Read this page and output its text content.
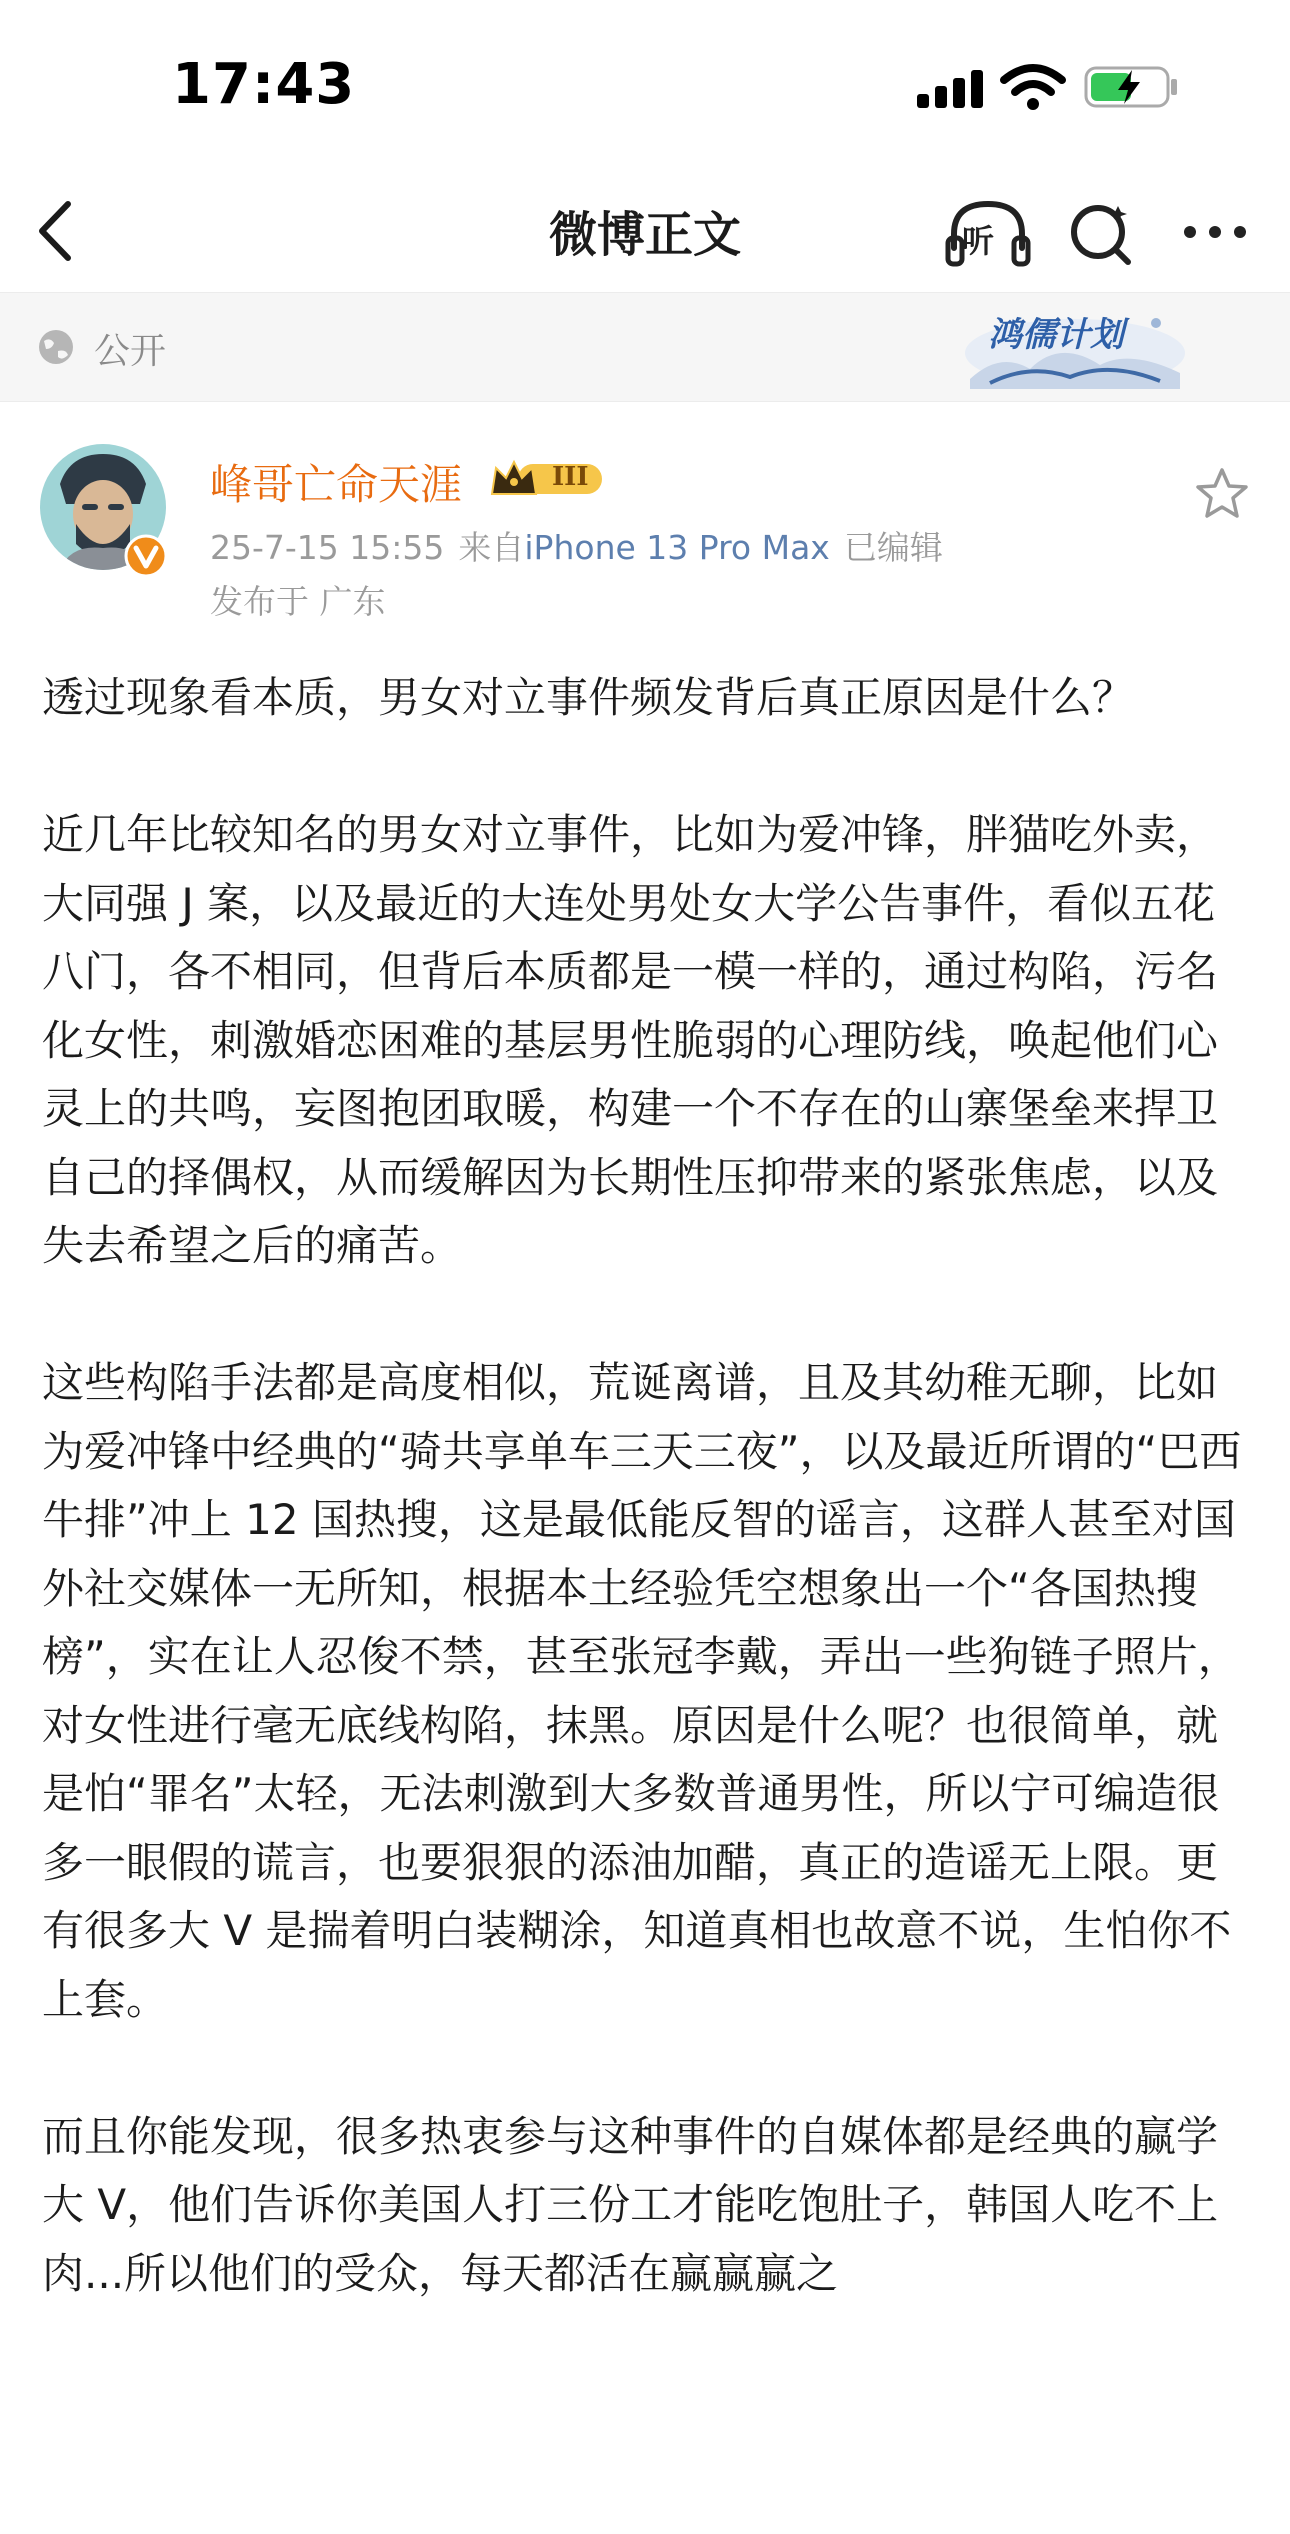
17:43
微博正文	听
公开	鸿儒计划
峰哥亡命天涯	III
25-7-15 15:55 来自iPhone 13 Pro Max 已编辑
发布于 广东

透过现象看本质，男女对立事件频发背后真正原因是什么？

近几年比较知名的男女对立事件，比如为爱冲锋，胖猫吃外卖，大同强 J 案，以及最近的大连处男处女大学公告事件，看似五花八门，各不相同，但背后本质都是一模一样的，通过构陷，污名化女性，刺激婚恋困难的基层男性脆弱的心理防线，唤起他们心灵上的共鸣，妄图抱团取暖，构建一个不存在的山寨堡垒来捍卫自己的择偶权，从而缓解因为长期性压抑带来的紧张焦虑，以及失去希望之后的痛苦。

这些构陷手法都是高度相似，荒诞离谱，且及其幼稚无聊，比如为爱冲锋中经典的“骑共享单车三天三夜”，以及最近所谓的“巴西牛排”冲上 12 国热搜，这是最低能反智的谣言，这群人甚至对国外社交媒体一无所知，根据本土经验凭空想象出一个“各国热搜榜”，实在让人忍俊不禁，甚至张冠李戴，弄出一些狗链子照片，对女性进行毫无底线构陷，抹黑。原因是什么呢？也很简单，就是怕“罪名”太轻，无法刺激到大多数普通男性，所以宁可编造很多一眼假的谎言，也要狠狠的添油加醋，真正的造谣无上限。更有很多大 V 是揣着明白装糊涂，知道真相也故意不说，生怕你不上套。

而且你能发现，很多热衷参与这种事件的自媒体都是经典的赢学大 V，他们告诉你美国人打三份工才能吃饱肚子，韩国人吃不上肉...所以他们的受众，每天都活在赢赢赢之
